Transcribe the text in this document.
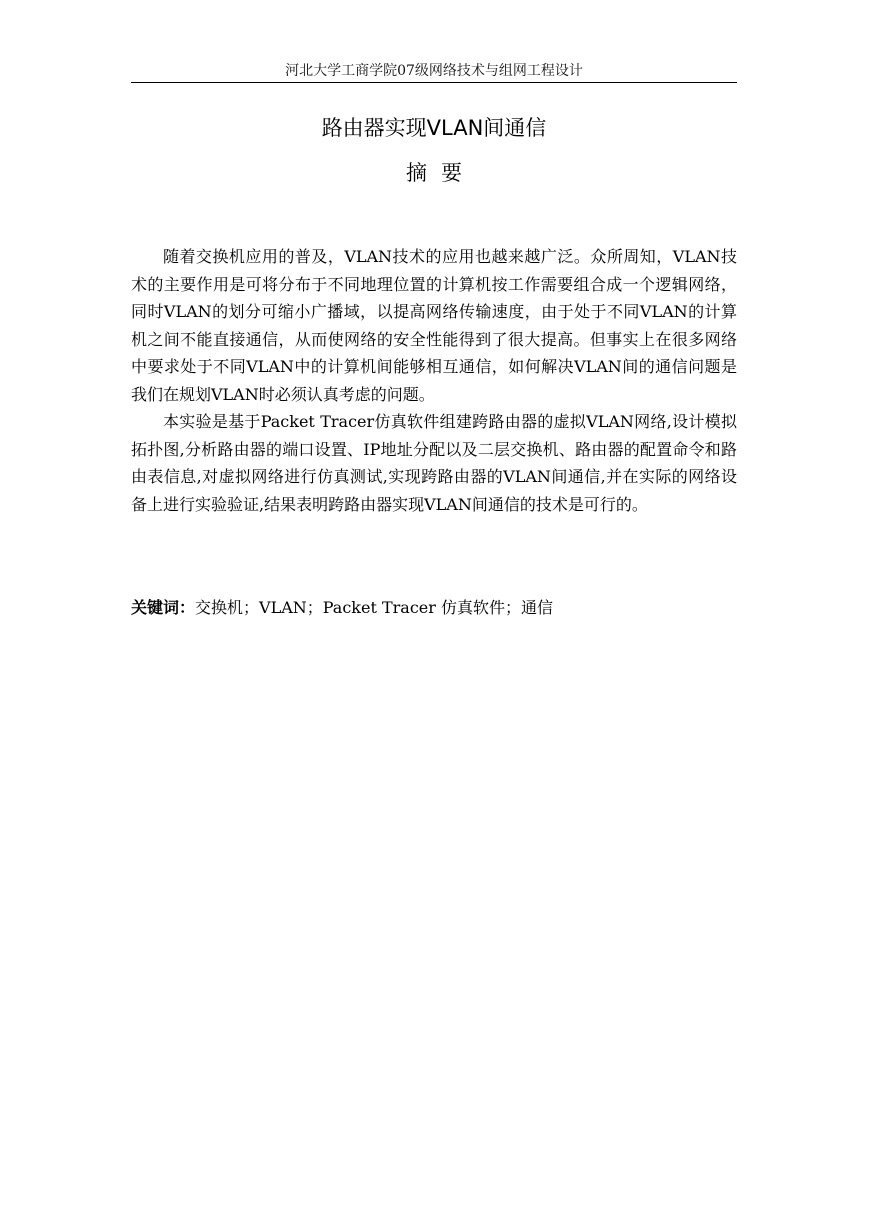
河北大学工商学院07级网络技术与组网工程设计
路由器实现VLAN间通信
摘要

随着交换机应用的普及，VLAN技术的应用也越来越广泛。众所周知，VLAN技术的主要作用是可将分布于不同地理位置的计算机按工作需要组合成一个逻辑网络，同时VLAN的划分可缩小广播域，以提高网络传输速度，由于处于不同VLAN的计算机之间不能直接通信，从而使网络的安全性能得到了很大提高。但事实上在很多网络中要求处于不同VLAN中的计算机间能够相互通信，如何解决VLAN间的通信问题是我们在规划VLAN时必须认真考虑的问题。

本实验是基于Packet Tracer仿真软件组建跨路由器的虚拟VLAN网络,设计模拟拓扑图,分析路由器的端口设置、IP地址分配以及二层交换机、路由器的配置命令和路由表信息,对虚拟网络进行仿真测试,实现跨路由器的VLAN间通信,并在实际的网络设备上进行实验验证,结果表明跨路由器实现VLAN间通信的技术是可行的。

关键词：交换机；VLAN；Packet Tracer 仿真软件；通信
